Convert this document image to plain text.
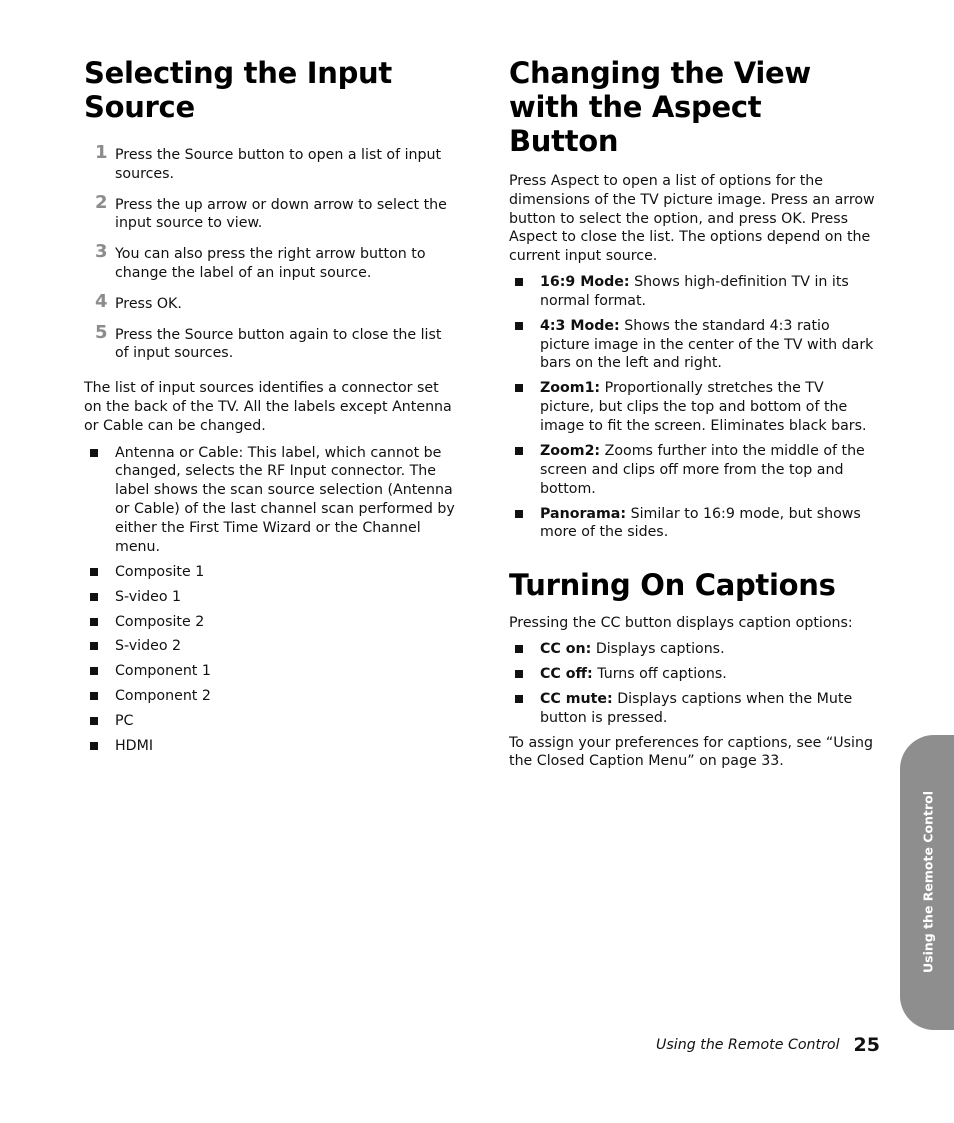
Selecting the Input Source
1 Press the Source button to open a list of input sources.
2 Press the up arrow or down arrow to select the input source to view.
3 You can also press the right arrow button to change the label of an input source.
4 Press OK.
5 Press the Source button again to close the list of input sources.

The list of input sources identifies a connector set on the back of the TV. All the labels except Antenna or Cable can be changed.

Antenna or Cable: This label, which cannot be changed, selects the RF Input connector. The label shows the scan source selection (Antenna or Cable) of the last channel scan performed by either the First Time Wizard or the Channel menu.
Composite 1
S-video 1
Composite 2
S-video 2
Component 1
Component 2
PC
HDMI
Changing the View with the Aspect Button

Press Aspect to open a list of options for the dimensions of the TV picture image. Press an arrow button to select the option, and press OK. Press Aspect to close the list. The options depend on the current input source.

16:9 Mode: Shows high-definition TV in its normal format.
4:3 Mode: Shows the standard 4:3 ratio picture image in the center of the TV with dark bars on the left and right.
Zoom1: Proportionally stretches the TV picture, but clips the top and bottom of the image to fit the screen. Eliminates black bars.
Zoom2: Zooms further into the middle of the screen and clips off more from the top and bottom.
Panorama: Similar to 16:9 mode, but shows more of the sides.
Turning On Captions

Pressing the CC button displays caption options:

CC on: Displays captions.
CC off: Turns off captions.
CC mute: Displays captions when the Mute button is pressed.

To assign your preferences for captions, see “Using the Closed Caption Menu” on page 33.

Using the Remote Control
Using the Remote Control 25
